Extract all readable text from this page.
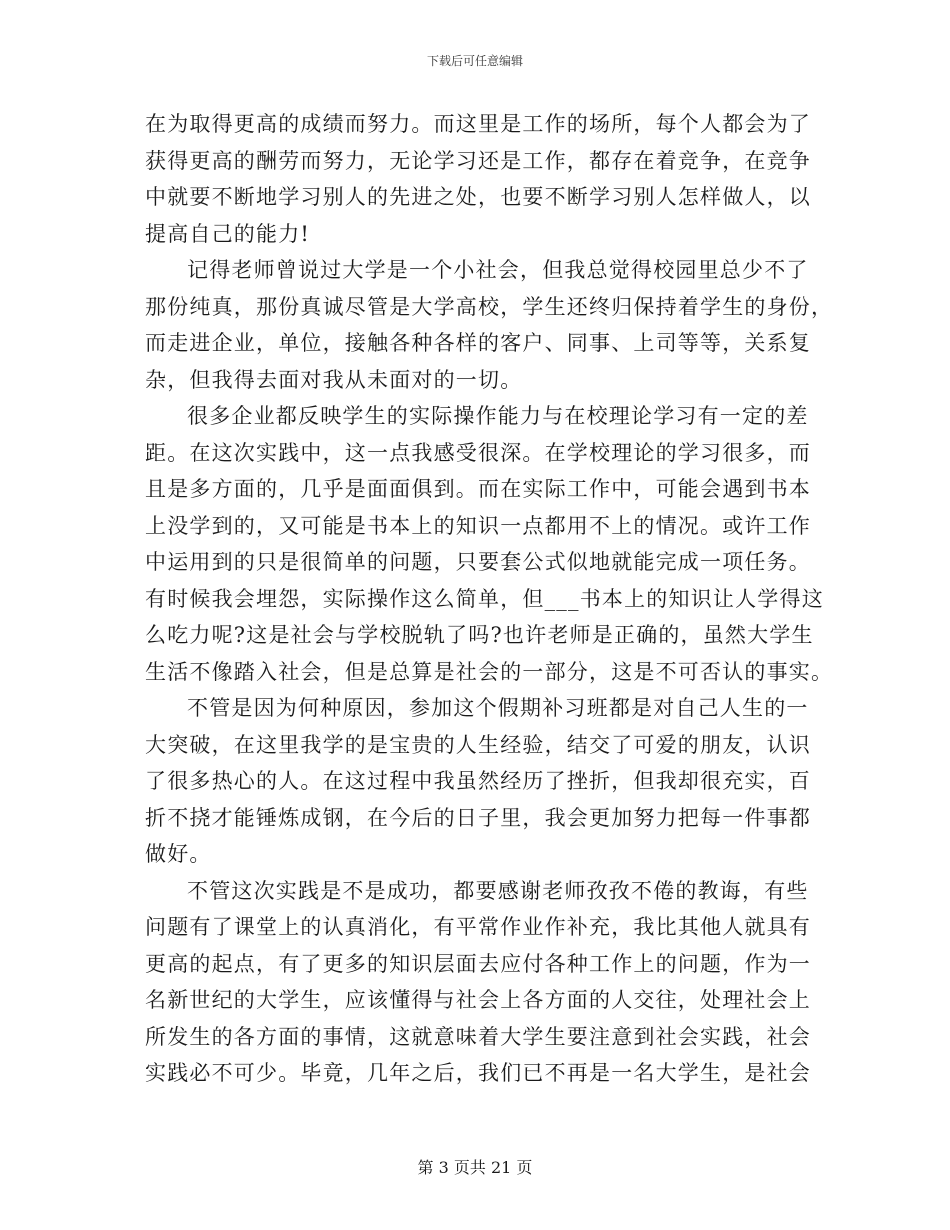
下载后可任意编辑
在为取得更高的成绩而努力。而这里是工作的场所，每个人都会为了
获得更高的酬劳而努力，无论学习还是工作，都存在着竞争，在竞争
中就要不断地学习别人的先进之处，也要不断学习别人怎样做人，以
提高自己的能力!
记得老师曾说过大学是一个小社会，但我总觉得校园里总少不了
那份纯真，那份真诚尽管是大学高校，学生还终归保持着学生的身份，
而走进企业，单位，接触各种各样的客户、同事、上司等等，关系复
杂，但我得去面对我从未面对的一切。
很多企业都反映学生的实际操作能力与在校理论学习有一定的差
距。在这次实践中，这一点我感受很深。在学校理论的学习很多，而
且是多方面的，几乎是面面俱到。而在实际工作中，可能会遇到书本
上没学到的，又可能是书本上的知识一点都用不上的情况。或许工作
中运用到的只是很简单的问题，只要套公式似地就能完成一项任务。
有时候我会埋怨，实际操作这么简单，但___书本上的知识让人学得这
么吃力呢?这是社会与学校脱轨了吗?也许老师是正确的，虽然大学生
生活不像踏入社会，但是总算是社会的一部分，这是不可否认的事实。
不管是因为何种原因，参加这个假期补习班都是对自己人生的一
大突破，在这里我学的是宝贵的人生经验，结交了可爱的朋友，认识
了很多热心的人。在这过程中我虽然经历了挫折，但我却很充实，百
折不挠才能锤炼成钢，在今后的日子里，我会更加努力把每一件事都
做好。
不管这次实践是不是成功，都要感谢老师孜孜不倦的教诲，有些
问题有了课堂上的认真消化，有平常作业作补充，我比其他人就具有
更高的起点，有了更多的知识层面去应付各种工作上的问题，作为一
名新世纪的大学生，应该懂得与社会上各方面的人交往，处理社会上
所发生的各方面的事情，这就意味着大学生要注意到社会实践，社会
实践必不可少。毕竟，几年之后，我们已不再是一名大学生，是社会
第 3 页共 21 页
